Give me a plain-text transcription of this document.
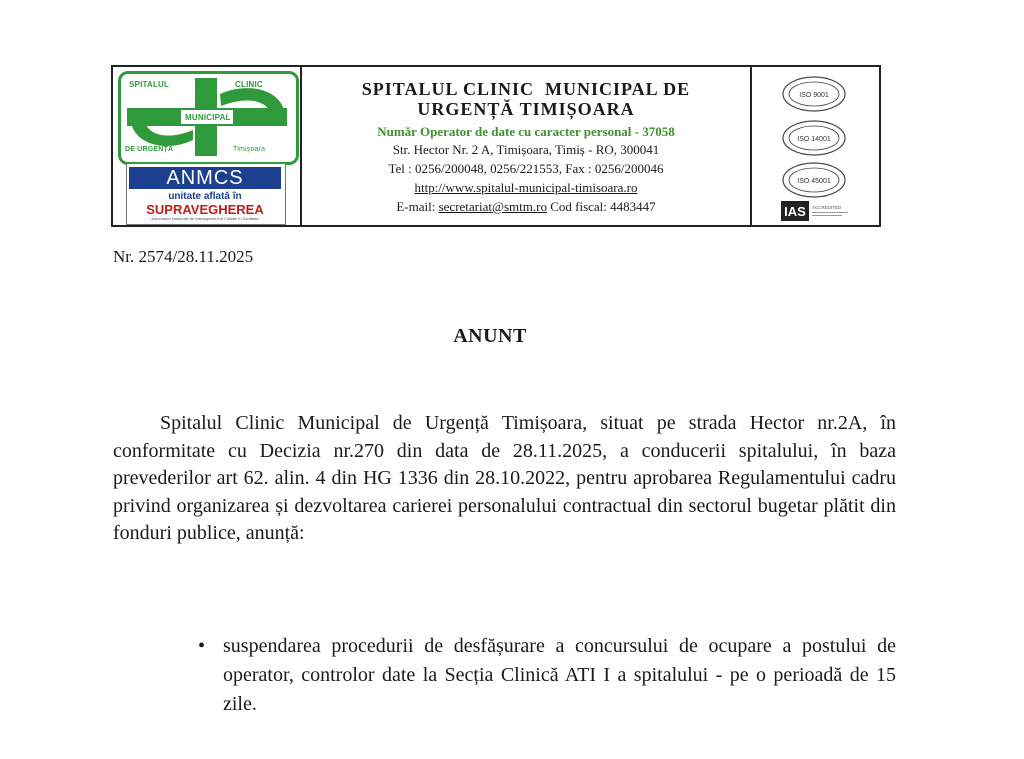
SPITALUL	CLINIC
MUNICIPAL
DE URGENȚĂ	Timișoara
ANMCS
unitate aflată în
SUPRAVEGHEREA
Autoritatea Națională de Management al Calității în Sănătate
SPITALUL CLINIC  MUNICIPAL DE
URGENȚĂ TIMIȘOARA
Număr Operator de date cu caracter personal - 37058
Str. Hector Nr. 2 A, Timișoara, Timiș - RO, 300041
Tel : 0256/200048, 0256/221553, Fax : 0256/200046
http://www.spitalul-municipal-timisoara.ro
E-mail: secretariat@smtm.ro Cod fiscal: 4483447
ISO 9001
ISO 14001
ISO 45001
IAS ACCREDITED
Nr. 2574/28.11.2025
ANUNT

Spitalul Clinic Municipal de Urgență Timișoara, situat pe strada Hector nr.2A, în conformitate cu Decizia nr.270 din data de 28.11.2025, a conducerii spitalului, în baza prevederilor art 62. alin. 4 din HG 1336 din 28.10.2022, pentru aprobarea Regulamentului cadru privind organizarea și dezvoltarea carierei personalului contractual din sectorul bugetar plătit din fonduri publice, anunță:

• suspendarea procedurii de desfășurare a concursului de ocupare a postului de operator, controlor date la Secția Clinică ATI I a spitalului - pe o perioadă de 15 zile.
